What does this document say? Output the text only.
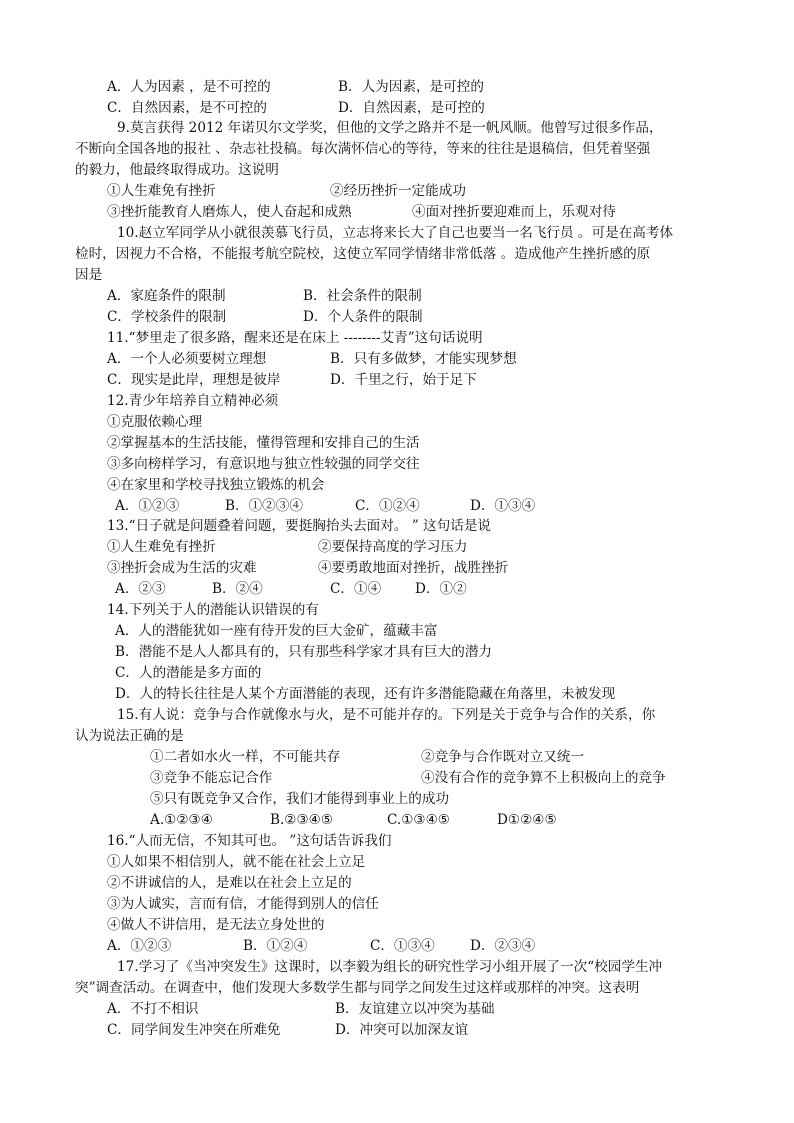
A．人为因素 ，是不可控的	B．人为因素，是可控的
C．自然因素，是不可控的	D．自然因素，是可控的
9.莫言获得 2012 年诺贝尔文学奖，但他的文学之路并不是一帆风顺。他曾写过很多作品，
不断向全国各地的报社 、杂志社投稿。每次满怀信心的等待，等来的往往是退稿信，但凭着坚强
的毅力，他最终取得成功。这说明
①人生难免有挫折	②经历挫折一定能成功
③挫折能教育人磨炼人，使人奋起和成熟	④面对挫折要迎难而上，乐观对待
10.赵立军同学从小就很羡慕飞行员，立志将来长大了自己也要当一名飞行员 。可是在高考体
检时，因视力不合格，不能报考航空院校，这使立军同学情绪非常低落 。造成他产生挫折感的原
因是
A．家庭条件的限制	B．社会条件的限制
C．学校条件的限制	D．个人条件的限制
11.“梦里走了很多路，醒来还是在床上 --------艾青”这句话说明
A．一个人必须要树立理想	B．只有多做梦，才能实现梦想
C．现实是此岸，理想是彼岸	D．千里之行，始于足下
12.青少年培养自立精神必须
①克服依赖心理
②掌握基本的生活技能，懂得管理和安排自己的生活
③多向榜样学习，有意识地与独立性较强的同学交往
④在家里和学校寻找独立锻炼的机会
A．①②③	B．①②③④	C．①②④	D．①③④
13.“日子就是问题叠着问题，要挺胸抬头去面对。 ” 这句话是说
①人生难免有挫折	②要保持高度的学习压力
③挫折会成为生活的灾难	④要勇敢地面对挫折，战胜挫折
A．②③	B．②④	C．①④ D．①②
14.下列关于人的潜能认识错误的有
A．人的潜能犹如一座有待开发的巨大金矿，蕴藏丰富
B．潜能不是人人都具有的，只有那些科学家才具有巨大的潜力
C．人的潜能是多方面的
D．人的特长往往是人某个方面潜能的表现，还有许多潜能隐藏在角落里，未被发现
15.有人说：竞争与合作就像水与火，是不可能并存的。下列是关于竞争与合作的关系，你
认为说法正确的是
①二者如水火一样，不可能共存	②竞争与合作既对立又统一
③竞争不能忘记合作	④没有合作的竞争算不上积极向上的竞争
⑤只有既竞争又合作，我们才能得到事业上的成功
A.①②③④	B.②③④⑤	C.①③④⑤	D①②④⑤
16.“人而无信，不知其可也。 ”这句话告诉我们
①人如果不相信别人，就不能在社会上立足
②不讲诚信的人，是难以在社会上立足的
③为人诚实，言而有信，才能得到别人的信任
④做人不讲信用，是无法立身处世的
A．①②③	B．①②④	C．①③④	D．②③④
17.学习了《当冲突发生》这课时，以李毅为组长的研究性学习小组开展了一次“校园学生冲
突”调查活动。在调查中，他们发现大多数学生都与同学之间发生过这样或那样的冲突。这表明
A．不打不相识	B．友谊建立以冲突为基础
C．同学间发生冲突在所难免	D．冲突可以加深友谊
